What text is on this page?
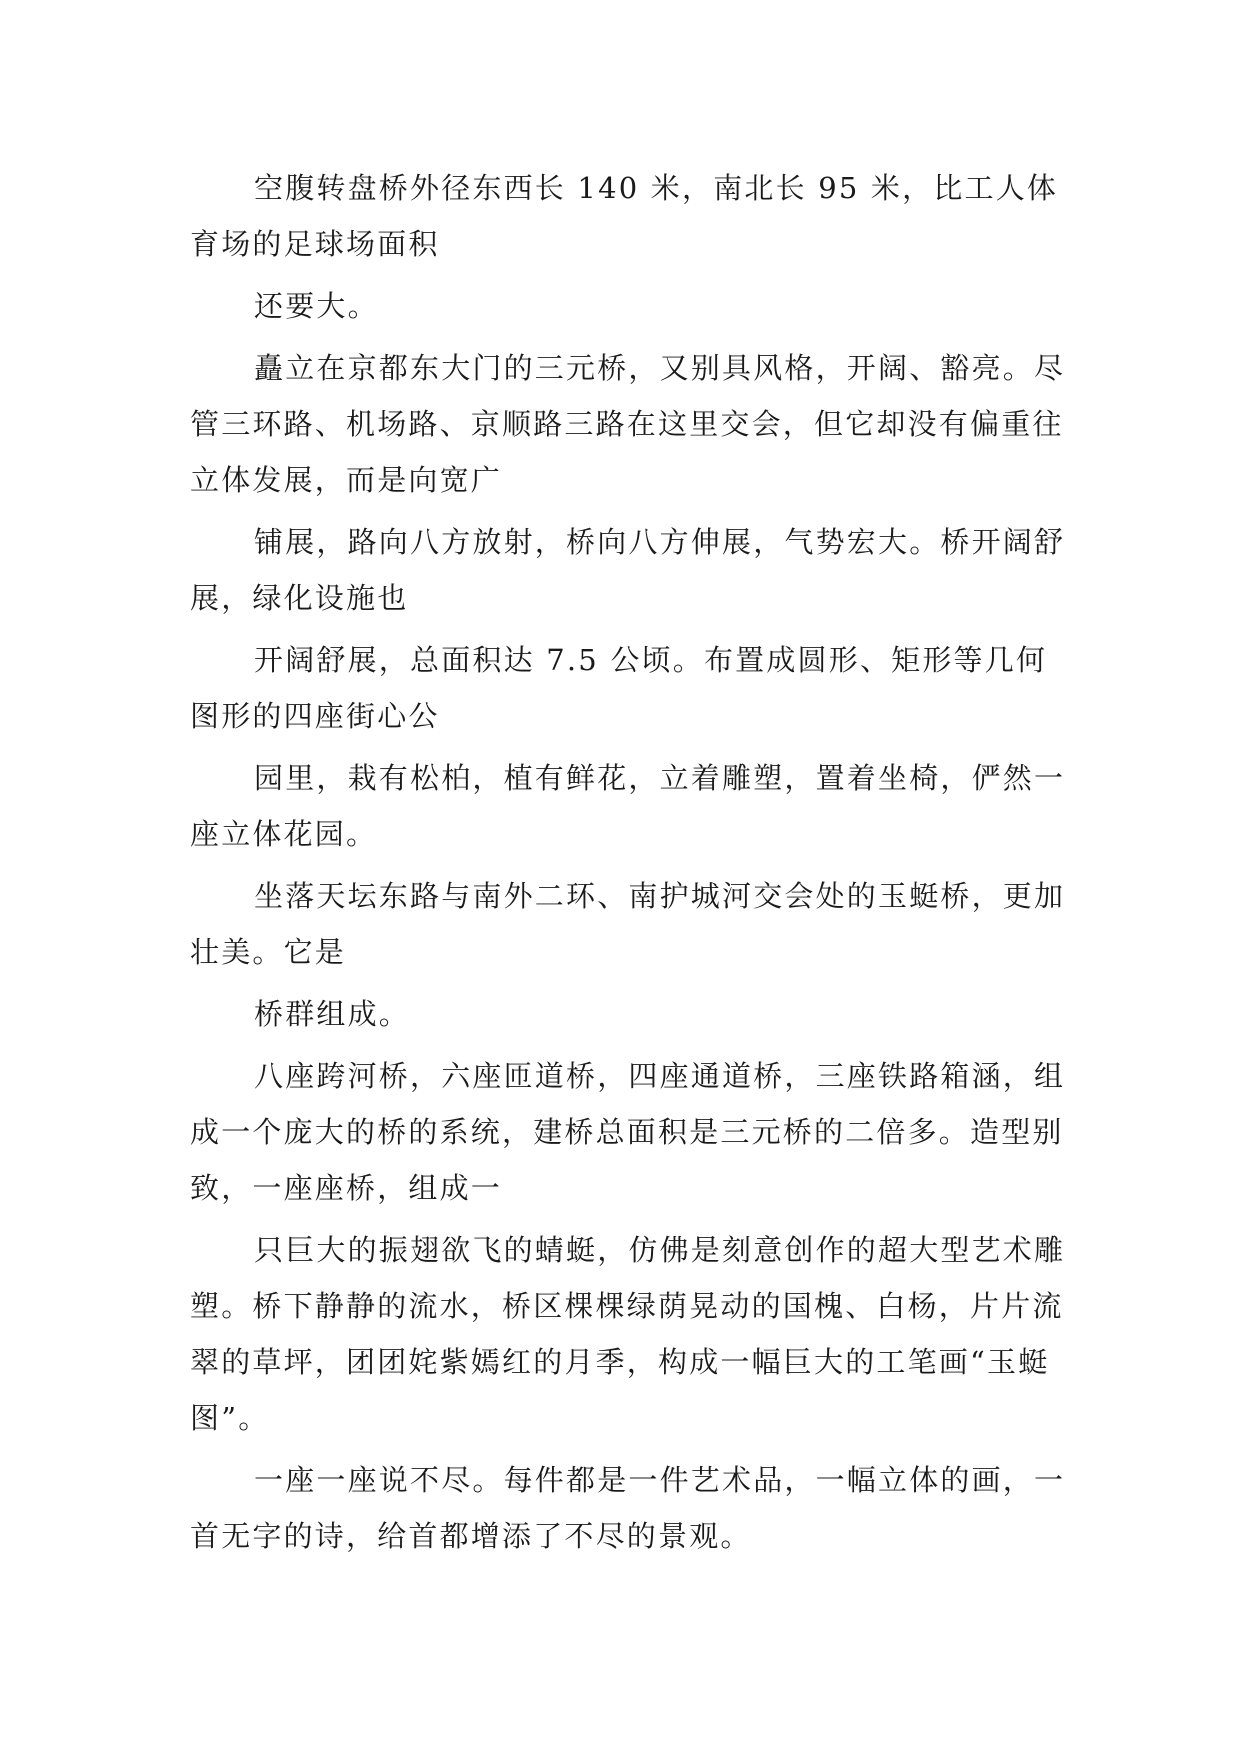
空腹转盘桥外径东西长 140 米，南北长 95 米，比工人体育场的足球场面积

还要大。

矗立在京都东大门的三元桥，又别具风格，开阔、豁亮。尽管三环路、机场路、京顺路三路在这里交会，但它却没有偏重往立体发展，而是向宽广

铺展，路向八方放射，桥向八方伸展，气势宏大。桥开阔舒展，绿化设施也

开阔舒展，总面积达 7.5 公顷。布置成圆形、矩形等几何图形的四座街心公

园里，栽有松柏，植有鲜花，立着雕塑，置着坐椅，俨然一座立体花园。

坐落天坛东路与南外二环、南护城河交会处的玉蜓桥，更加壮美。它是

桥群组成。

八座跨河桥，六座匝道桥，四座通道桥，三座铁路箱涵，组成一个庞大的桥的系统，建桥总面积是三元桥的二倍多。造型别致，一座座桥，组成一

只巨大的振翅欲飞的蜻蜓，仿佛是刻意创作的超大型艺术雕塑。桥下静静的流水，桥区棵棵绿荫晃动的国槐、白杨，片片流翠的草坪，团团姹紫嫣红的月季，构成一幅巨大的工笔画“玉蜓图”。

一座一座说不尽。每件都是一件艺术品，一幅立体的画，一首无字的诗，给首都增添了不尽的景观。
